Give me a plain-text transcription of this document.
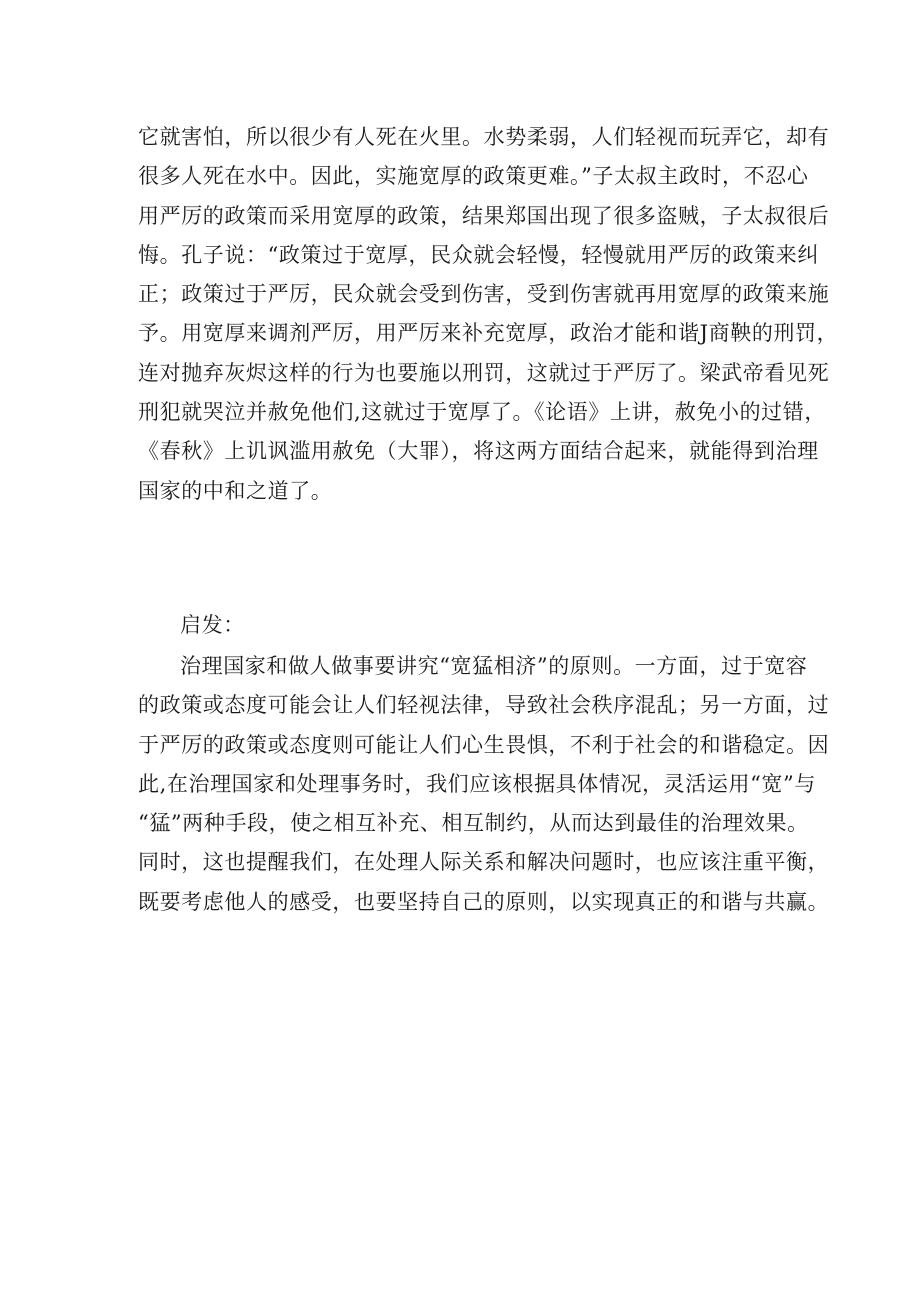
它就害怕，所以很少有人死在火里。水势柔弱，人们轻视而玩弄它，却有
很多人死在水中。因此，实施宽厚的政策更难。”子太叔主政时，不忍心
用严厉的政策而采用宽厚的政策，结果郑国出现了很多盗贼，子太叔很后
悔。孔子说：“政策过于宽厚，民众就会轻慢，轻慢就用严厉的政策来纠
正；政策过于严厉，民众就会受到伤害，受到伤害就再用宽厚的政策来施
予。用宽厚来调剂严厉，用严厉来补充宽厚，政治才能和谐J商鞅的刑罚，
连对抛弃灰烬这样的行为也要施以刑罚，这就过于严厉了。梁武帝看见死
刑犯就哭泣并赦免他们,这就过于宽厚了。《论语》上讲，赦免小的过错，
《春秋》上讥讽滥用赦免（大罪），将这两方面结合起来，就能得到治理
国家的中和之道了。
启发：
治理国家和做人做事要讲究“宽猛相济”的原则。一方面，过于宽容
的政策或态度可能会让人们轻视法律，导致社会秩序混乱；另一方面，过
于严厉的政策或态度则可能让人们心生畏惧，不利于社会的和谐稳定。因
此,在治理国家和处理事务时，我们应该根据具体情况，灵活运用“宽”与
“猛”两种手段，使之相互补充、相互制约，从而达到最佳的治理效果。
同时，这也提醒我们，在处理人际关系和解决问题时，也应该注重平衡，
既要考虑他人的感受，也要坚持自己的原则，以实现真正的和谐与共赢。
